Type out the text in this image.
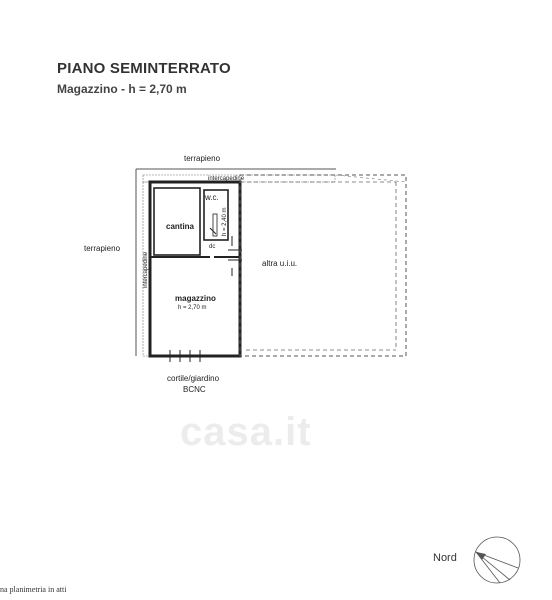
PIANO SEMINTERRATO
Magazzino - h = 2,70 m
terrapieno
terrapieno
intercapedine
intercapedine
w.c.
h = 2,40 m
dc
cantina
altra u.i.u.
magazzino
h = 2,70 m
cortile/giardino
BCNC
casa.it
Nord
na planimetria in atti
